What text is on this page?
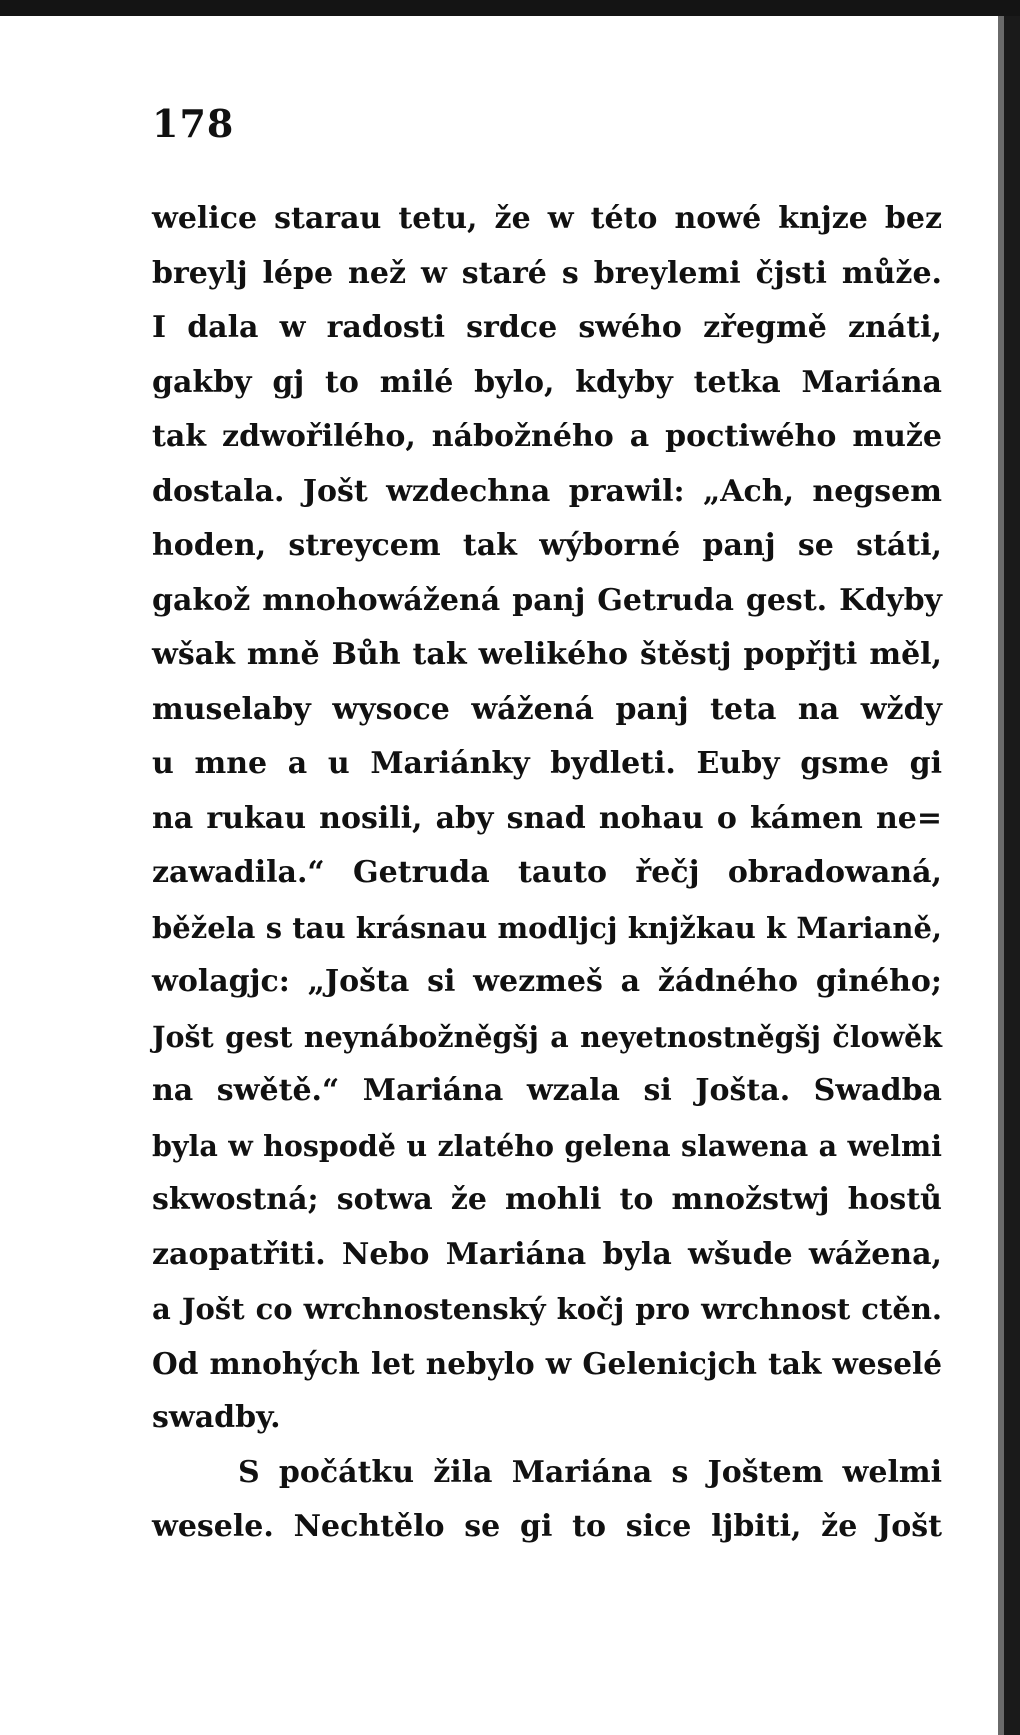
178
welice starau tetu, že w této nowé knjze bez
breylj lépe než w staré s breylemi čjsti může.
I dala w radosti srdce swého zřegmě znáti,
gakby gj to milé bylo, kdyby tetka Mariána
tak zdwořilého, nábožného a poctiwého muže
dostala. Jošt wzdechna prawil: „Ach, negsem
hoden, streycem tak wýborné panj se státi,
gakož mnohowážená panj Getruda gest. Kdyby
wšak mně Bůh tak welikého štěstj popřjti měl,
muselaby wysoce wážená panj teta na wždy
u mne a u Mariánky bydleti. Euby gsme gi
na rukau nosili, aby snad nohau o kámen ne=
zawadila.“ Getruda tauto řečj obradowaná,
běžela s tau krásnau modljcj knjžkau k Marianě,
wolagjc: „Jošta si wezmeš a žádného giného;
Jošt gest neynábožněgšj a neyetnostněgšj člowěk
na swětě.“ Mariána wzala si Jošta. Swadba
byla w hospodě u zlatého gelena slawena a welmi
skwostná; sotwa že mohli to množstwj hostů
zaopatřiti. Nebo Mariána byla wšude wážena,
a Jošt co wrchnostenský kočj pro wrchnost ctěn.
Od mnohých let nebylo w Gelenicjch tak weselé
swadby.
S počátku žila Mariána s Joštem welmi
wesele. Nechtělo se gi to sice ljbiti, že Jošt
